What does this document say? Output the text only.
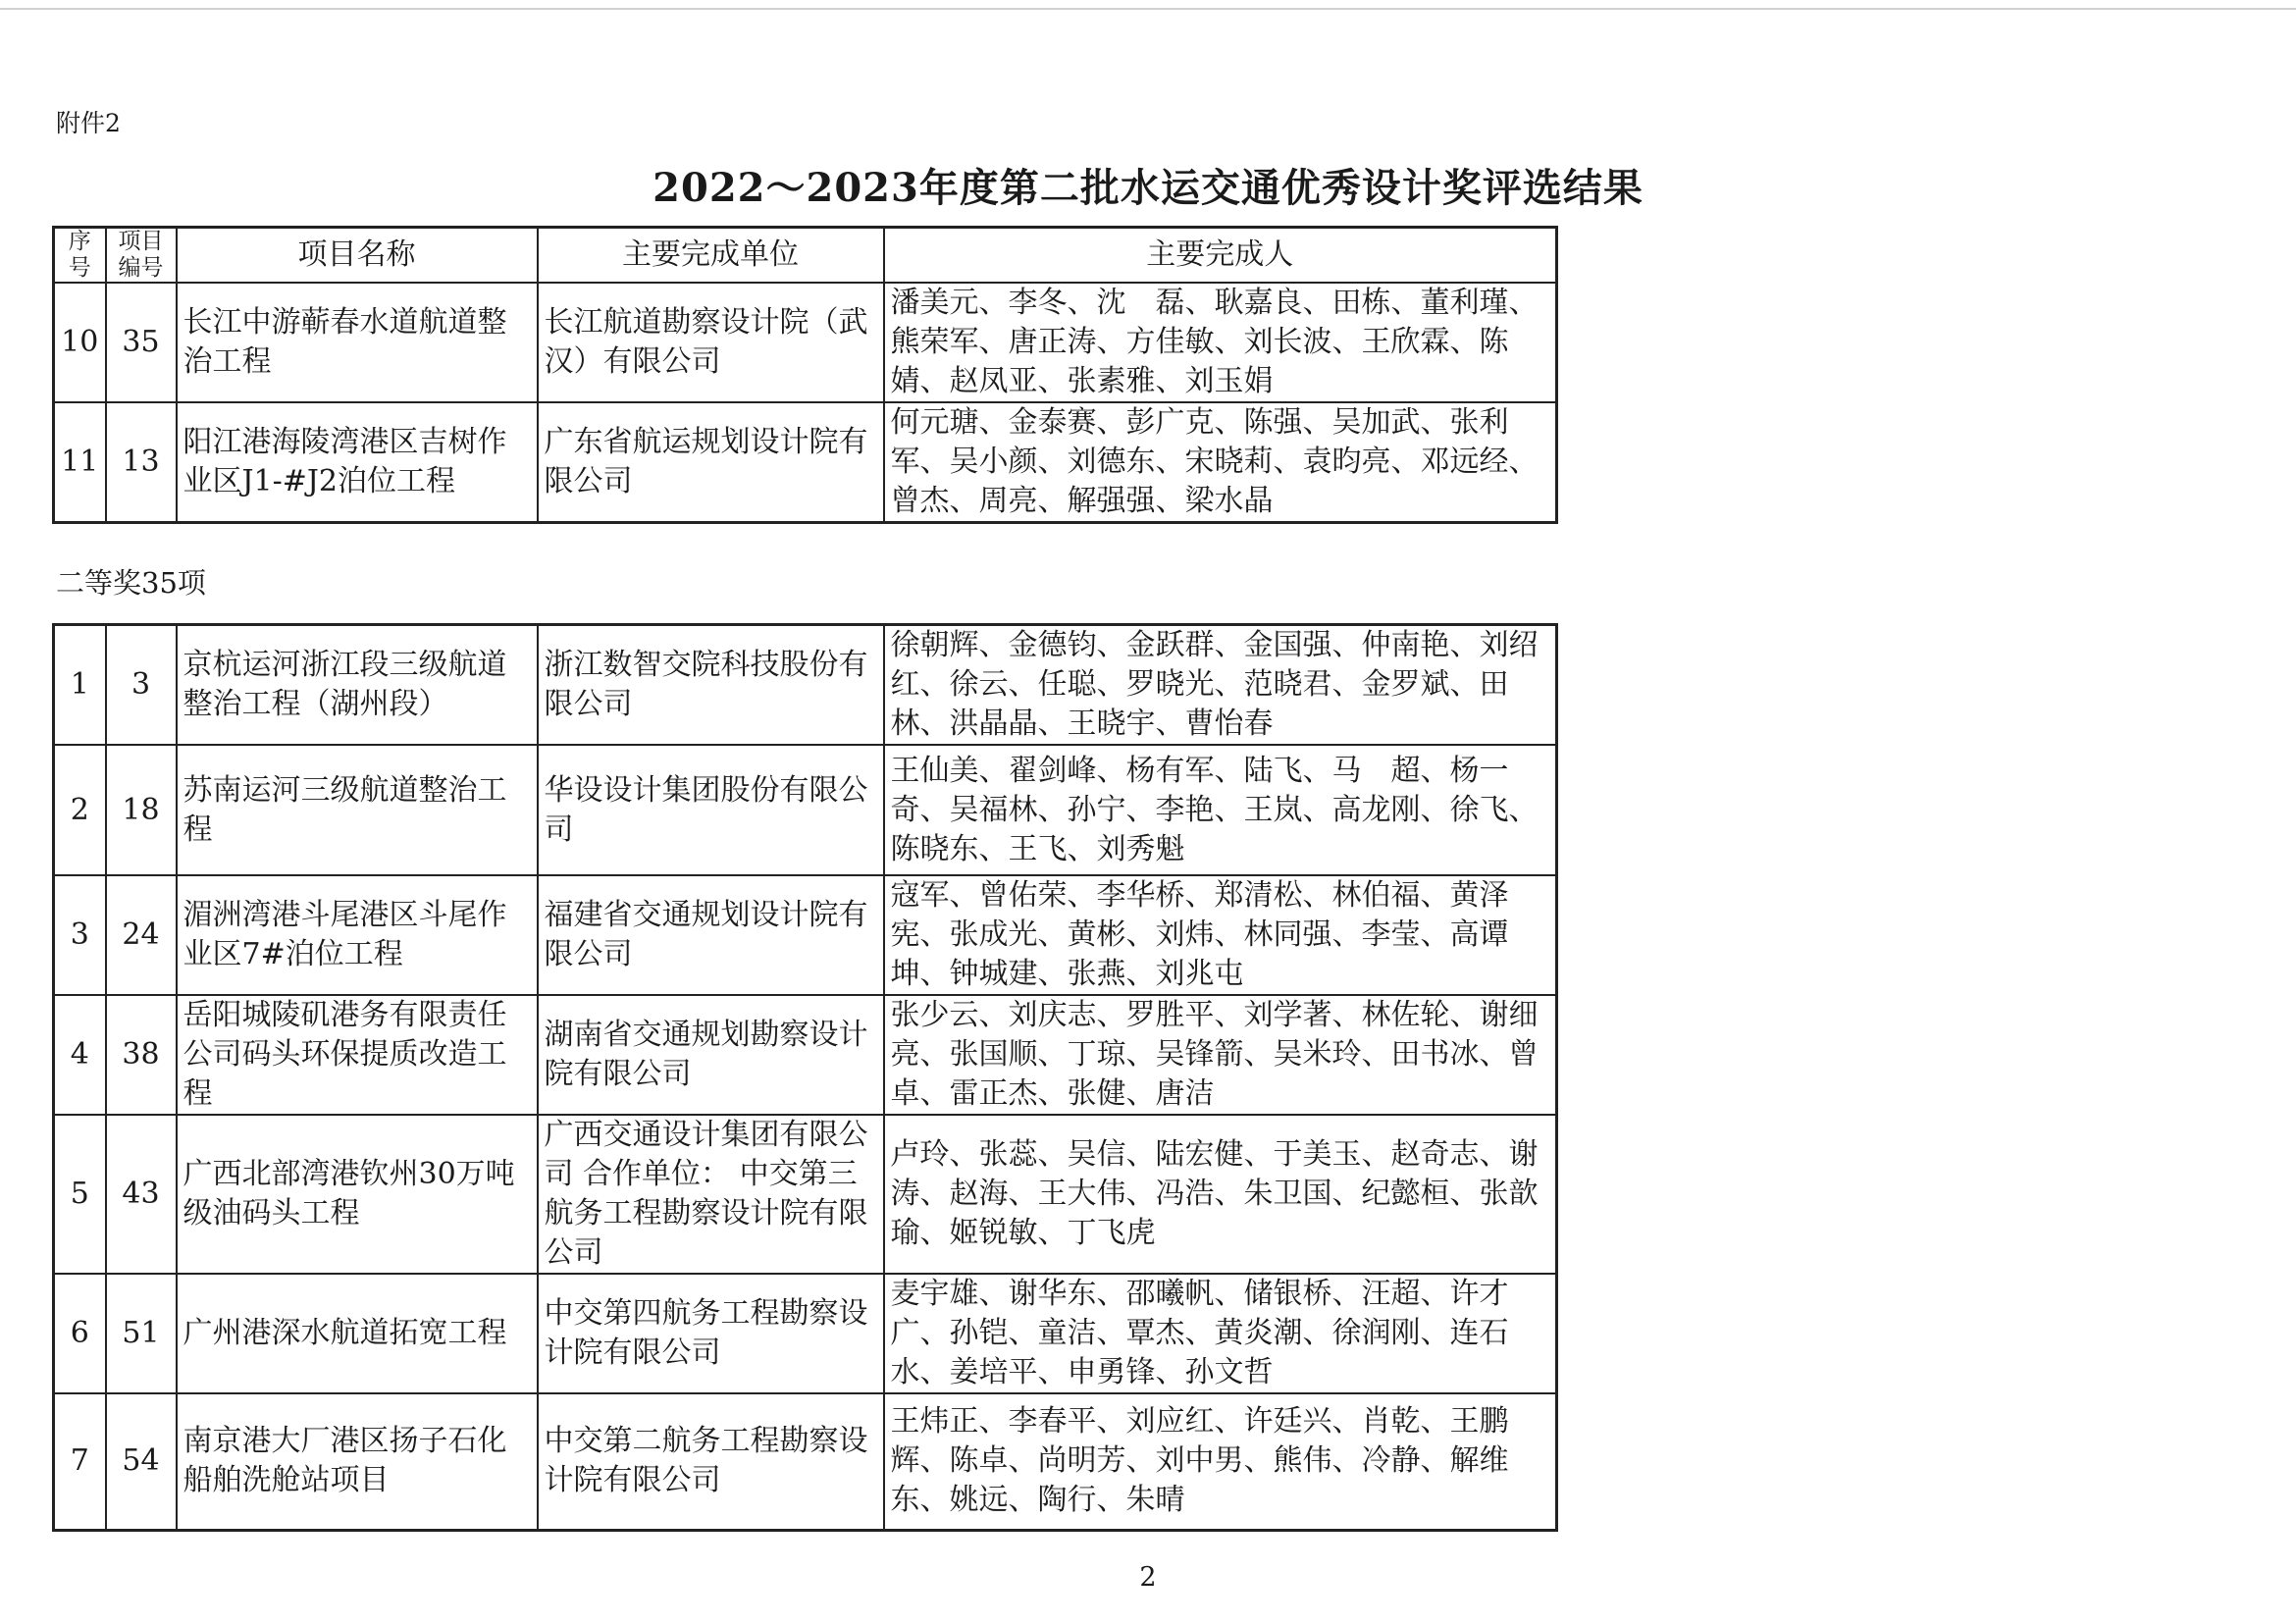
附件2
2022～2023年度第二批水运交通优秀设计奖评选结果
序号	项目编号	项目名称	主要完成单位	主要完成人
10	35	长江中游蕲春水道航道整治工程	长江航道勘察设计院（武汉）有限公司	潘美元、李冬、沈　磊、耿嘉良、田栋、董利瑾、熊荣军、唐正涛、方佳敏、刘长波、王欣霖、陈婧、赵凤亚、张素雅、刘玉娟
11	13	阳江港海陵湾港区吉树作业区J1-#J2泊位工程	广东省航运规划设计院有限公司	何元瑭、金泰赛、彭广克、陈强、吴加武、张利军、吴小颜、刘德东、宋晓莉、袁昀亮、邓远经、曾杰、周亮、解强强、梁水晶
二等奖35项
1	3	京杭运河浙江段三级航道整治工程（湖州段）	浙江数智交院科技股份有限公司	徐朝辉、金德钧、金跃群、金国强、仲南艳、刘绍红、徐云、任聪、罗晓光、范晓君、金罗斌、田林、洪晶晶、王晓宇、曹怡春
2	18	苏南运河三级航道整治工程	华设设计集团股份有限公司	王仙美、翟剑峰、杨有军、陆飞、马　超、杨一奇、吴福林、孙宁、李艳、王岚、高龙刚、徐飞、陈晓东、王飞、刘秀魁
3	24	湄洲湾港斗尾港区斗尾作业区7#泊位工程	福建省交通规划设计院有限公司	寇军、曾佑荣、李华桥、郑清松、林伯福、黄泽宪、张成光、黄彬、刘炜、林同强、李莹、高谭坤、钟城建、张燕、刘兆屯
4	38	岳阳城陵矶港务有限责任公司码头环保提质改造工程	湖南省交通规划勘察设计院有限公司	张少云、刘庆志、罗胜平、刘学著、林佐轮、谢细亮、张国顺、丁琼、吴锋箭、吴米玲、田书冰、曾卓、雷正杰、张健、唐洁
5	43	广西北部湾港钦州30万吨级油码头工程	广西交通设计集团有限公司 合作单位： 中交第三航务工程勘察设计院有限公司	卢玲、张蕊、吴信、陆宏健、于美玉、赵奇志、谢涛、赵海、王大伟、冯浩、朱卫国、纪懿桓、张歆瑜、姬锐敏、丁飞虎
6	51	广州港深水航道拓宽工程	中交第四航务工程勘察设计院有限公司	麦宇雄、谢华东、邵曦帆、储银桥、汪超、许才广、孙铠、童洁、覃杰、黄炎潮、徐润刚、连石水、姜培平、申勇锋、孙文哲
7	54	南京港大厂港区扬子石化船舶洗舱站项目	中交第二航务工程勘察设计院有限公司	王炜正、李春平、刘应红、许廷兴、肖乾、王鹏辉、陈卓、尚明芳、刘中男、熊伟、冷静、解维东、姚远、陶行、朱晴
2
